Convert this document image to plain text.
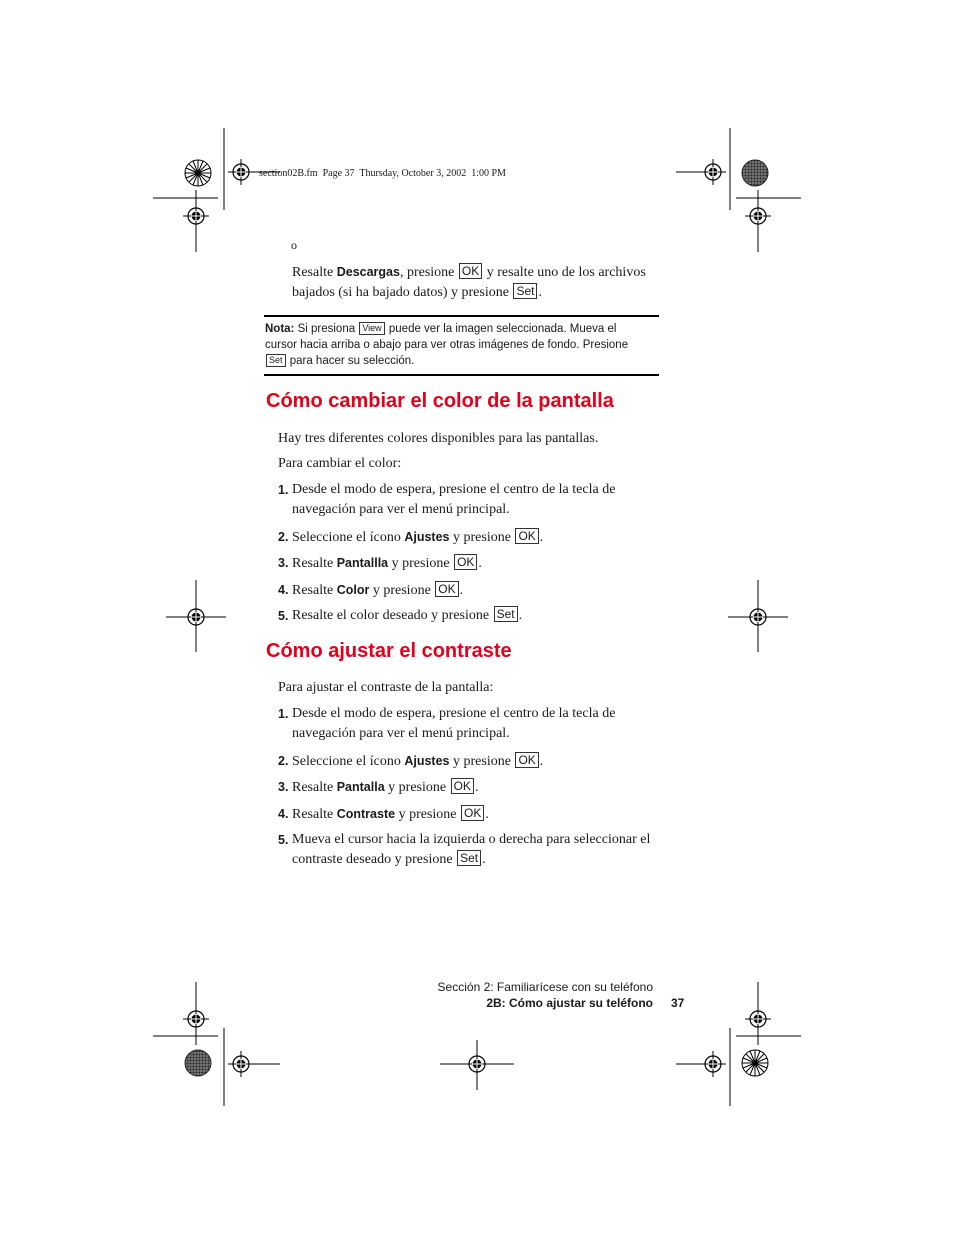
section02B.fm  Page 37  Thursday, October 3, 2002  1:00 PM
o
Resalte Descargas, presione OK y resalte uno de los archivos bajados (si ha bajado datos) y presione Set .
Nota: Si presiona View puede ver la imagen seleccionada. Mueva el cursor hacia arriba o abajo para ver otras imágenes de fondo. Presione Set para hacer su selección.
Cómo cambiar el color de la pantalla
Hay tres diferentes colores disponibles para las pantallas.
Para cambiar el color:
1. Desde el modo de espera, presione el centro de la tecla de navegación para ver el menú principal.
2. Seleccione el ícono Ajustes y presione OK .
3. Resalte Pantallla y presione OK .
4. Resalte Color y presione OK .
5. Resalte el color deseado y presione Set .
Cómo ajustar el contraste
Para ajustar el contraste de la pantalla:
1. Desde el modo de espera, presione el centro de la tecla de navegación para ver el menú principal.
2. Seleccione el ícono Ajustes y presione OK .
3. Resalte Pantalla y presione OK .
4. Resalte Contraste y presione OK .
5. Mueva el cursor hacia la izquierda o derecha para seleccionar el contraste deseado y presione Set .
Sección 2: Familiarícese con su teléfono
2B: Cómo ajustar su teléfono 37
